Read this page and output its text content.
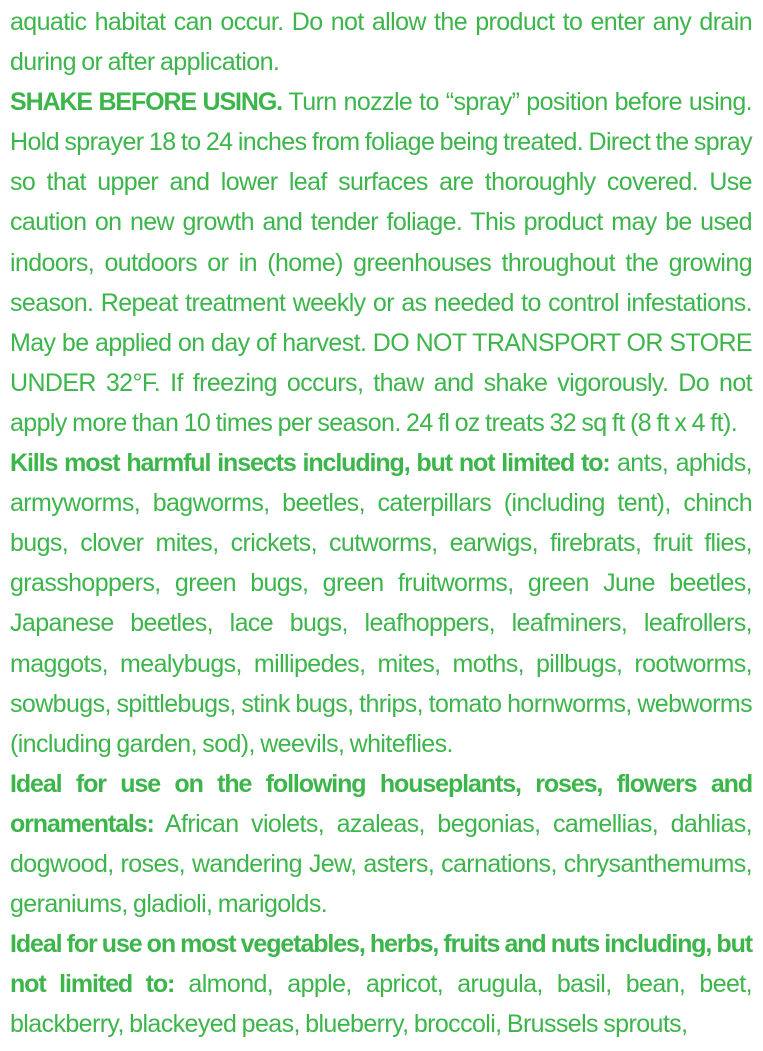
aquatic habitat can occur. Do not allow the product to enter any drain during or after application.

SHAKE BEFORE USING. Turn nozzle to “spray” position before using. Hold sprayer 18 to 24 inches from foliage being treated. Direct the spray so that upper and lower leaf surfaces are thoroughly covered. Use caution on new growth and tender foliage. This product may be used indoors, outdoors or in (home) greenhouses throughout the growing season. Repeat treatment weekly or as needed to control infestations. May be applied on day of harvest. DO NOT TRANSPORT OR STORE UNDER 32°F. If freezing occurs, thaw and shake vigorously. Do not apply more than 10 times per season. 24 fl oz treats 32 sq ft (8 ft x 4 ft).

Kills most harmful insects including, but not limited to: ants, aphids, armyworms, bagworms, beetles, caterpillars (including tent), chinch bugs, clover mites, crickets, cutworms, earwigs, firebrats, fruit flies, grasshoppers, green bugs, green fruitworms, green June beetles, Japanese beetles, lace bugs, leafhoppers, leafminers, leafrollers, maggots, mealybugs, millipedes, mites, moths, pillbugs, rootworms, sowbugs, spittlebugs, stink bugs, thrips, tomato hornworms, webworms (including garden, sod), weevils, whiteflies.

Ideal for use on the following houseplants, roses, flowers and ornamentals: African violets, azaleas, begonias, camellias, dahlias, dogwood, roses, wandering Jew, asters, carnations, chrysanthemums, geraniums, gladioli, marigolds.

Ideal for use on most vegetables, herbs, fruits and nuts including, but not limited to: almond, apple, apricot, arugula, basil, bean, beet, blackberry, blackeyed peas, blueberry, broccoli, Brussels sprouts,
